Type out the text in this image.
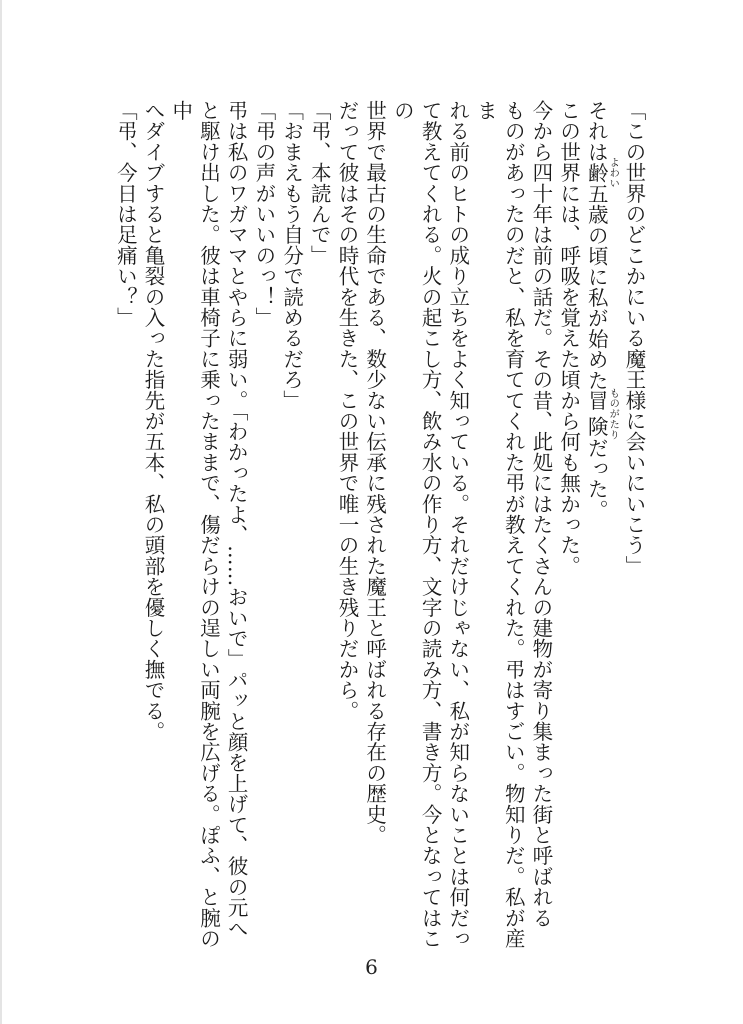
「この世界のどこかにいる魔王様に会いにいこう」
それは齢 よわい五歳の頃に私が始めた冒険 ものがたりだった。
この世界には、呼吸を覚えた頃から何も無かった。
今から四十年は前の話だ。その昔、此処にはたくさんの建物が寄り集まった街と呼ばれる
ものがあったのだと、私を育ててくれた弔が教えてくれた。弔はすごい。物知りだ。私が産ま
れる前のヒトの成り立ちをよく知っている。それだけじゃない、私が知らないことは何だっ
て教えてくれる。火の起こし方、飲み水の作り方、文字の読み方、書き方。今となってはこの
世界で最古の生命である、数少ない伝承に残された魔王と呼ばれる存在の歴史。
だって彼はその時代を生きた、この世界で唯一の生き残りだから。
「弔、本読んで」
「おまえもう自分で読めるだろ」
「弔の声がいいのっ！」
弔は私のワガママとやらに弱い。「わかったよ、……おいで」パッと顔を上げて、彼の元へ
と駆け出した。彼は車椅子に乗ったままで、傷だらけの逞しい両腕を広げる。ぽふ、と腕の中
へダイブすると亀裂の入った指先が五本、私の頭部を優しく撫でる。
「弔、今日は足痛い？」
6
